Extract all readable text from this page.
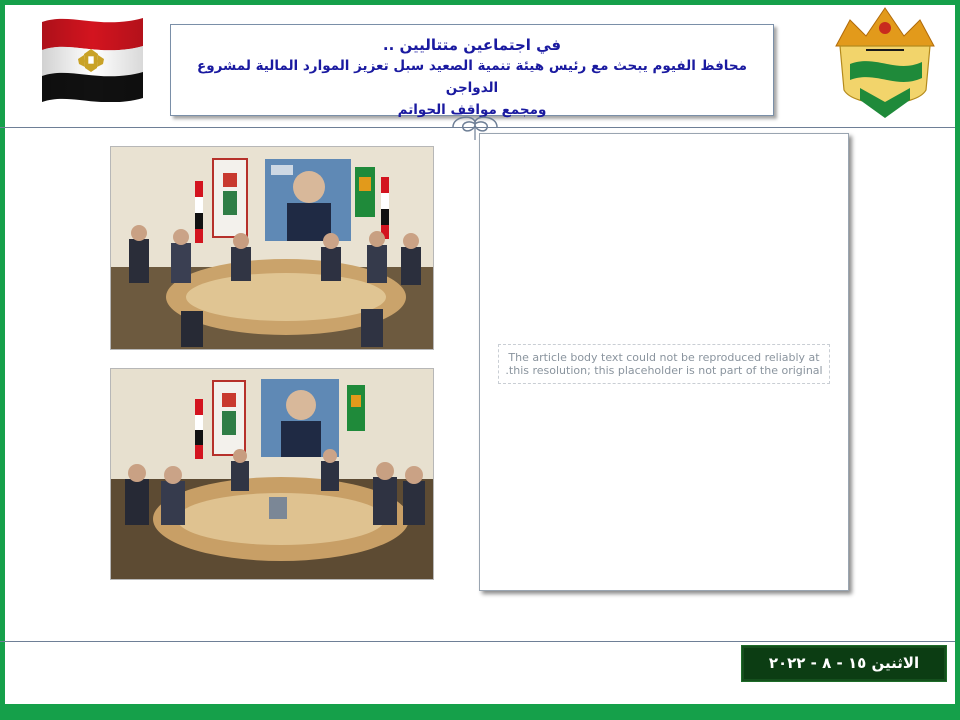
في اجتماعين متتاليين ..
محافظ الفيوم يبحث مع رئيس هيئة تنمية الصعيد سبل تعزيز الموارد المالية لمشروع الدواجن
ومجمع مواقف الحواتم
The article body text could not be reproduced reliably at this resolution; this placeholder is not part of the original.
الاثنين ١٥ - ٨ - ٢٠٢٢
